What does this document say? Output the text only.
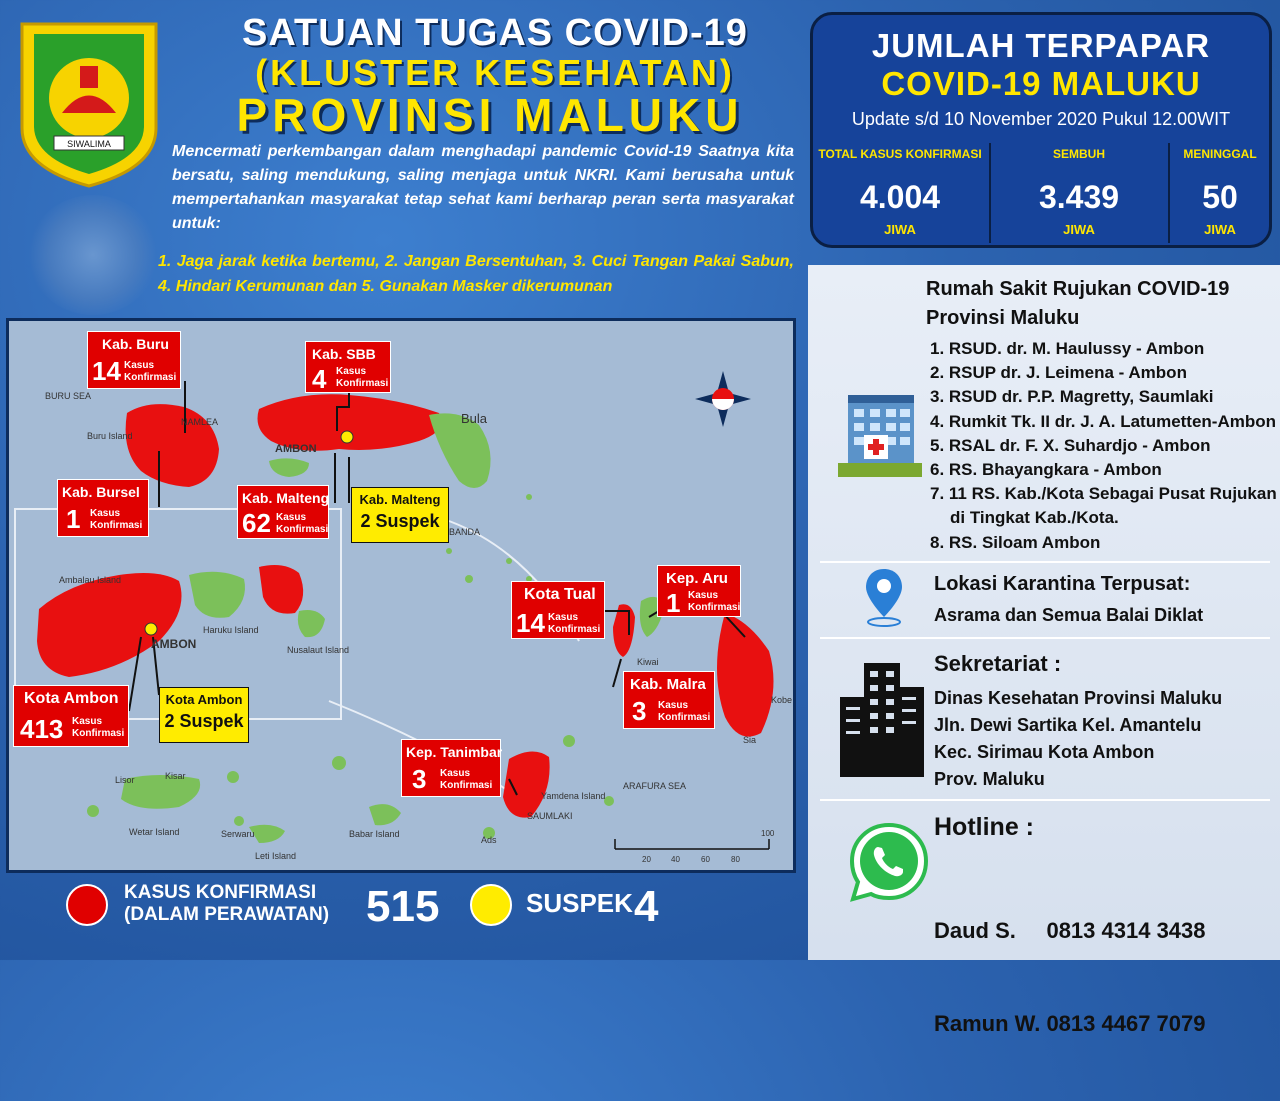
SIWALIMA
SATUAN TUGAS COVID-19
(KLUSTER KESEHATAN)
PROVINSI MALUKU
Mencermati perkembangan dalam menghadapi pandemic Covid-19 Saatnya kita bersatu, saling mendukung, saling menjaga untuk NKRI. Kami berusaha untuk mempertahankan masyarakat tetap sehat kami berharap peran serta masyarakat untuk:
1. Jaga jarak ketika bertemu, 2. Jangan Bersentuhan, 3. Cuci Tangan Pakai Sabun, 4. Hindari Kerumunan dan 5. Gunakan Masker dikerumunan
JUMLAH TERPAPAR
COVID-19 MALUKU
Update s/d 10 November 2020 Pukul 12.00WIT
TOTAL KASUS KONFIRMASI
4.004
JIWA
SEMBUH
3.439
JIWA
MENINGGAL
50
JIWA
Rumah Sakit Rujukan COVID-19
Provinsi Maluku
1. RSUD. dr. M. Haulussy - Ambon
2. RSUP dr. J. Leimena - Ambon
3. RSUD dr. P.P. Magretty, Saumlaki
4. Rumkit Tk. II dr. J. A. Latumetten-Ambon
5. RSAL dr. F. X. Suhardjo - Ambon
6. RS. Bhayangkara - Ambon
7. 11 RS. Kab./Kota Sebagai Pusat Rujukan
di Tingkat Kab./Kota.
8. RS. Siloam Ambon
Lokasi Karantina Terpusat:
Asrama dan Semua Balai Diklat
Sekretariat :
Dinas Kesehatan Provinsi Maluku
Jln. Dewi Sartika Kel. Amantelu
Kec. Sirimau Kota Ambon
Prov. Maluku
Hotline :

Daud S.     0813 4314 3438

Ramun W. 0813 4467 7079

BURU SEA
NAMLEA
Buru Island
AMBON
Bula
BANDA
Kiwai
Kobe
Sia
SAUMLAKI
Yamdena Island
ARAFURA SEA
Wetar Island
Lisor	Kisar
Leti Island
Babar Island
Serwaru
Haruku Island
Nusalaut Island
Ambalau Island
Ads
AMBON
20	40	60	80
100
Kab. Buru
14 Kasus
Konfirmasi
Kab. SBB
4 Kasus
Konfirmasi
Kab. Bursel
1 Kasus
Konfirmasi
Kab. Malteng
62 Kasus
Konfirmasi
Kota Tual
14 Kasus
Konfirmasi
Kep. Aru
1 Kasus
Konfirmasi
Kab. Malra
3 Kasus
Konfirmasi
Kota Ambon
413 Kasus
Konfirmasi
Kep. Tanimbar
3 Kasus
Konfirmasi
Kab. Malteng
2 Suspek
Kota Ambon
2 Suspek
KASUS KONFIRMASI
(DALAM PERAWATAN) 515	SUSPEK 4
